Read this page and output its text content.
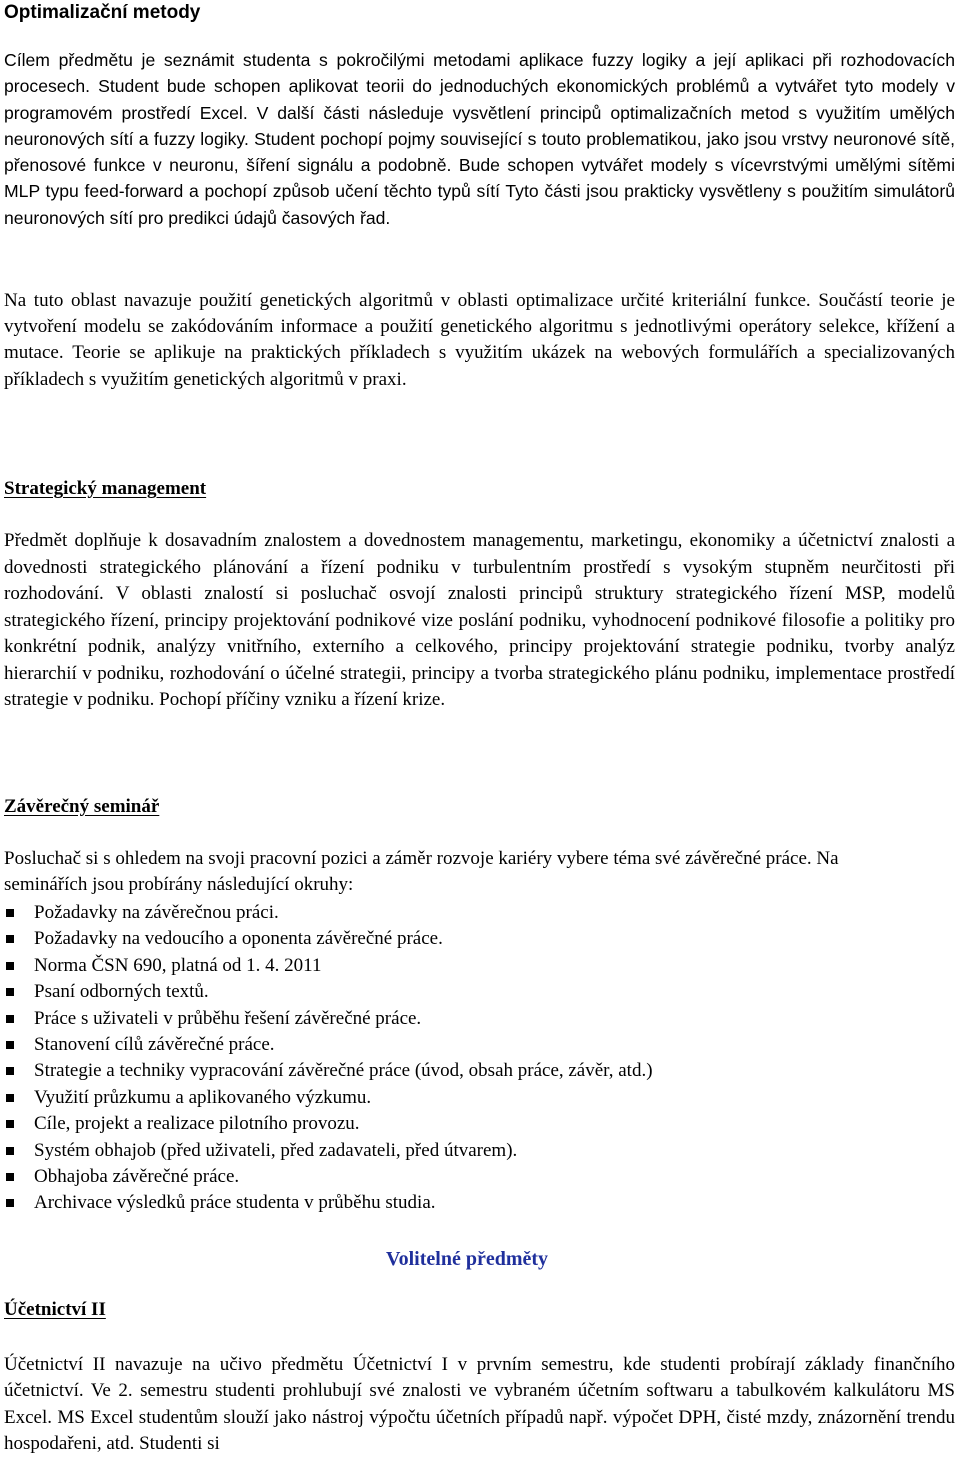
Optimalizační metody

Cílem předmětu je seznámit studenta s pokročilými metodami aplikace fuzzy logiky a její aplikaci při rozhodovacích procesech. Student bude schopen aplikovat teorii do jednoduchých ekonomických problémů a vytvářet tyto modely v programovém prostředí Excel. V další části následuje vysvětlení principů optimalizačních metod s využitím umělých neuronových sítí a fuzzy logiky. Student pochopí pojmy související s touto problematikou, jako jsou vrstvy neuronové sítě, přenosové funkce v neuronu, šíření signálu a podobně. Bude schopen vytvářet modely s vícevrstvými umělými sítěmi MLP typu feed-forward a pochopí způsob učení těchto typů sítí Tyto části jsou prakticky vysvětleny s použitím simulátorů neuronových sítí pro predikci údajů časových řad.

Na tuto oblast navazuje použití genetických algoritmů v oblasti optimalizace určité kriteriální funkce. Součástí teorie je vytvoření modelu se zakódováním informace a použití genetického algoritmu s jednotlivými operátory selekce, křížení a mutace. Teorie se aplikuje na praktických příkladech s využitím ukázek na webových formulářích a specializovaných příkladech s využitím genetických algoritmů v praxi.

Strategický management

Předmět doplňuje k dosavadním znalostem a dovednostem managementu, marketingu, ekonomiky a účetnictví znalosti a dovednosti strategického plánování a řízení podniku v turbulentním prostředí s vysokým stupněm neurčitosti při rozhodování. V oblasti znalostí si posluchač osvojí znalosti principů struktury strategického řízení MSP, modelů strategického řízení, principy projektování podnikové vize poslání podniku, vyhodnocení podnikové filosofie a politiky pro konkrétní podnik, analýzy vnitřního, externího a celkového, principy projektování strategie podniku, tvorby analýz hierarchií v podniku, rozhodování o účelné strategii, principy a tvorba strategického plánu podniku, implementace prostředí strategie v podniku. Pochopí příčiny vzniku a řízení krize.

Závěrečný seminář

Posluchač si s ohledem na svoji pracovní pozici a záměr rozvoje kariéry vybere téma své závěrečné práce. Na seminářích jsou probírány následující okruhy:

Požadavky na závěrečnou práci.
Požadavky na vedoucího a oponenta závěrečné práce.
Norma ČSN 690, platná od 1. 4. 2011
Psaní odborných textů.
Práce s uživateli v průběhu řešení závěrečné práce.
Stanovení cílů závěrečné práce.
Strategie a techniky vypracování závěrečné práce (úvod, obsah práce, závěr, atd.)
Využití průzkumu a aplikovaného výzkumu.
Cíle, projekt a realizace pilotního provozu.
Systém obhajob (před uživateli, před zadavateli, před útvarem).
Obhajoba závěrečné práce.
Archivace výsledků práce studenta v průběhu studia.
Volitelné předměty
Účetnictví II

Účetnictví II navazuje na učivo předmětu Účetnictví I v prvním semestru, kde studenti probírají základy finančního účetnictví. Ve 2. semestru studenti prohlubují své znalosti ve vybraném účetním softwaru a tabulkovém kalkulátoru MS Excel. MS Excel studentům slouží jako nástroj výpočtu účetních případů např. výpočet DPH, čisté mzdy, znázornění trendu hospodařeni, atd. Studenti si
